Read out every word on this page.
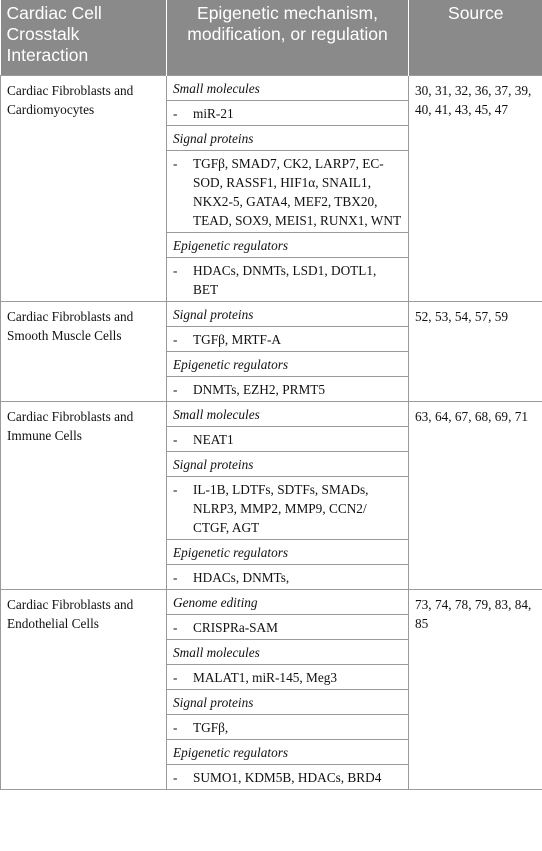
Cardiac Cell Crosstalk Interaction	Epigenetic mechanism, modification, or regulation	Source
Cardiac Fibroblasts and Cardiomyocytes	Small molecules	30, 31, 32, 36, 37, 39, 40, 41, 43, 45, 47

	- miR-21	

	Signal proteins	

	- TGFβ, SMAD7, CK2, LARP7, EC-SOD, RASSF1, HIF1α, SNAIL1, NKX2-5, GATA4, MEF2, TBX20, TEAD, SOX9, MEIS1, RUNX1, WNT	

	Epigenetic regulators	

	- HDACs, DNMTs, LSD1, DOTL1, BET	

Cardiac Fibroblasts and Smooth Muscle Cells	Signal proteins	52, 53, 54, 57, 59

	- TGFβ, MRTF-A	

	Epigenetic regulators	

	- DNMTs, EZH2, PRMT5	

Cardiac Fibroblasts and Immune Cells	Small molecules	63, 64, 67, 68, 69, 71

	- NEAT1	

	Signal proteins	

	- IL-1B, LDTFs, SDTFs, SMADs, NLRP3, MMP2, MMP9, CCN2/ CTGF, AGT	

	Epigenetic regulators	

	- HDACs, DNMTs,	

Cardiac Fibroblasts and Endothelial Cells	Genome editing	73, 74, 78, 79, 83, 84, 85

	- CRISPRa-SAM	

	Small molecules	

	- MALAT1, miR-145, Meg3	

	Signal proteins	

	- TGFβ,	

	Epigenetic regulators	

	- SUMO1, KDM5B, HDACs, BRD4	
